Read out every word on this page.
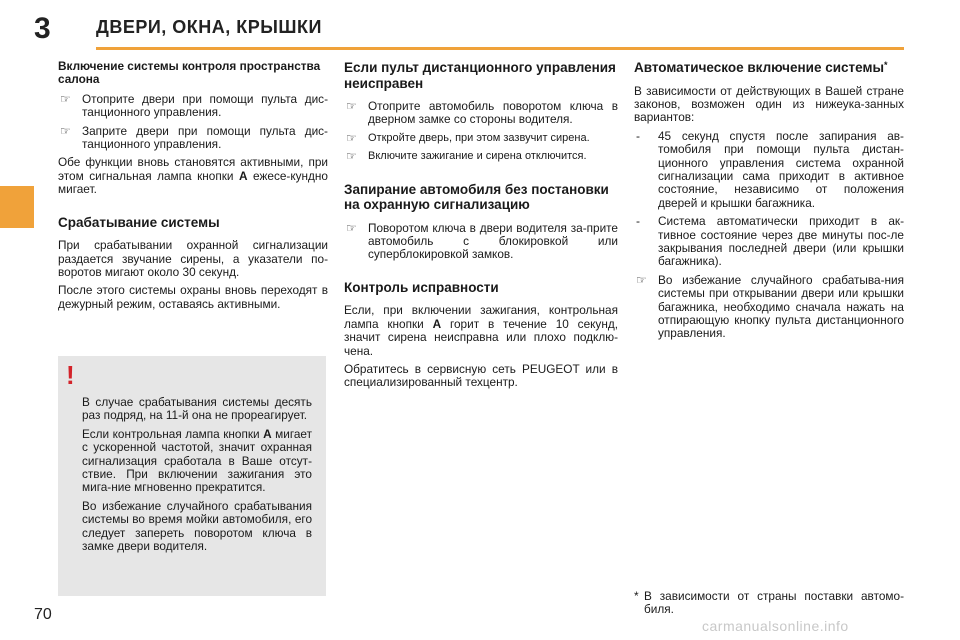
3	ДВЕРИ, ОКНА, КРЫШКИ
Включение системы контроля пространства салона
☞ Отоприте двери при помощи пульта дис-танционного управления.
☞ Заприте двери при помощи пульта дис-танционного управления.
Обе функции вновь становятся активными, при этом сигнальная лампа кнопки A ежесе-кундно мигает.
Срабатывание системы
При срабатывании охранной сигнализации раздается звучание сирены, а указатели по-воротов мигают около 30 секунд.
После этого системы охраны вновь переходят в дежурный режим, оставаясь активными.
!
В случае срабатывания системы десять раз подряд, на 11-й она не прореагирует.
Если контрольная лампа кнопки A мигает с ускоренной частотой, значит охранная сигнализация сработала в Ваше отсут-ствие. При включении зажигания это мига-ние мгновенно прекратится.
Во избежание случайного срабатывания системы во время мойки автомобиля, его следует запереть поворотом ключа в замке двери водителя.
Если пульт дистанционного управления неисправен
☞ Отоприте автомобиль поворотом ключа в дверном замке со стороны водителя.
☞ Откройте дверь, при этом зазвучит сирена.
☞ Включите зажигание и сирена отключится.
Запирание автомобиля без постановки на охранную сигнализацию
☞ Поворотом ключа в двери водителя за-прите автомобиль с блокировкой или суперблокировкой замков.
Контроль исправности
Если, при включении зажигания, контрольная лампа кнопки A горит в течение 10 секунд, значит сирена неисправна или плохо подклю-чена.
Обратитесь в сервисную сеть PEUGEOT или в специализированный техцентр.
Автоматическое включение системы*
В зависимости от действующих в Вашей стране законов, возможен один из нижеука-занных вариантов:
- 45 секунд спустя после запирания ав-томобиля при помощи пульта дистан-ционного управления система охранной сигнализации сама приходит в активное состояние, независимо от положения дверей и крышки багажника.
- Система автоматически приходит в ак-тивное состояние через две минуты пос-ле закрывания последней двери (или крышки багажника).
☞ Во избежание случайного срабатыва-ния системы при открывании двери или крышки багажника, необходимо сначала нажать на отпирающую кнопку пульта дистанционного управления.
* В зависимости от страны поставки автомо-биля.
70
carmanualsonline.info
